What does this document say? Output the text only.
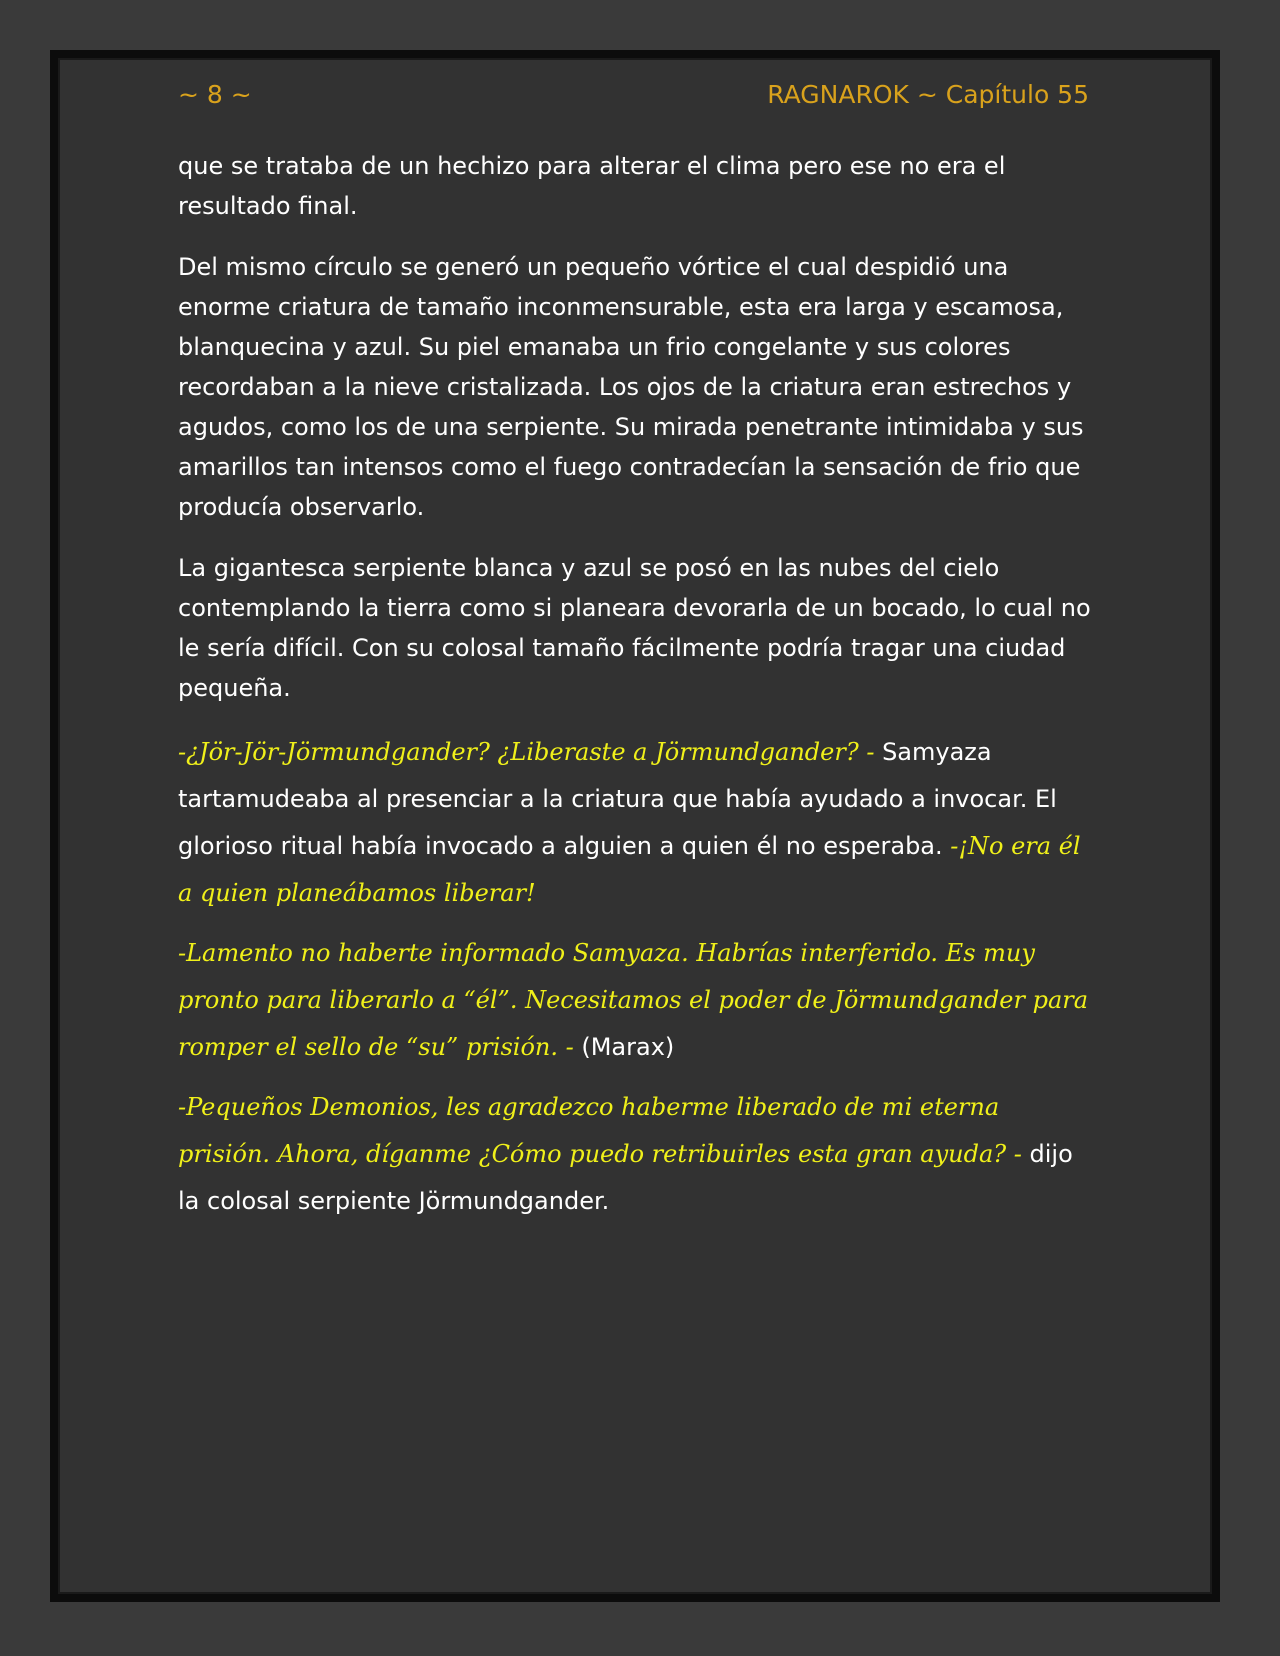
~ 8 ~	RAGNAROK ~ Capítulo 55

que se trataba de un hechizo para alterar el clima pero ese no era el resultado final.

Del mismo círculo se generó un pequeño vórtice el cual despidió una enorme criatura de tamaño inconmensurable, esta era larga y escamosa, blanquecina y azul. Su piel emanaba un frio congelante y sus colores recordaban a la nieve cristalizada. Los ojos de la criatura eran estrechos y agudos, como los de una serpiente. Su mirada penetrante intimidaba y sus amarillos tan intensos como el fuego contradecían la sensación de frio que producía observarlo.

La gigantesca serpiente blanca y azul se posó en las nubes del cielo contemplando la tierra como si planeara devorarla de un bocado, lo cual no le sería difícil. Con su colosal tamaño fácilmente podría tragar una ciudad pequeña.

-¿Jör-Jör-Jörmundgander? ¿Liberaste a Jörmundgander? - Samyaza tartamudeaba al presenciar a la criatura que había ayudado a invocar. El glorioso ritual había invocado a alguien a quien él no esperaba. -¡No era él a quien planeábamos liberar!

-Lamento no haberte informado Samyaza. Habrías interferido. Es muy pronto para liberarlo a “él”. Necesitamos el poder de Jörmundgander para romper el sello de “su” prisión. - (Marax)

-Pequeños Demonios, les agradezco haberme liberado de mi eterna prisión. Ahora, díganme ¿Cómo puedo retribuirles esta gran ayuda? - dijo la colosal serpiente Jörmundgander.
